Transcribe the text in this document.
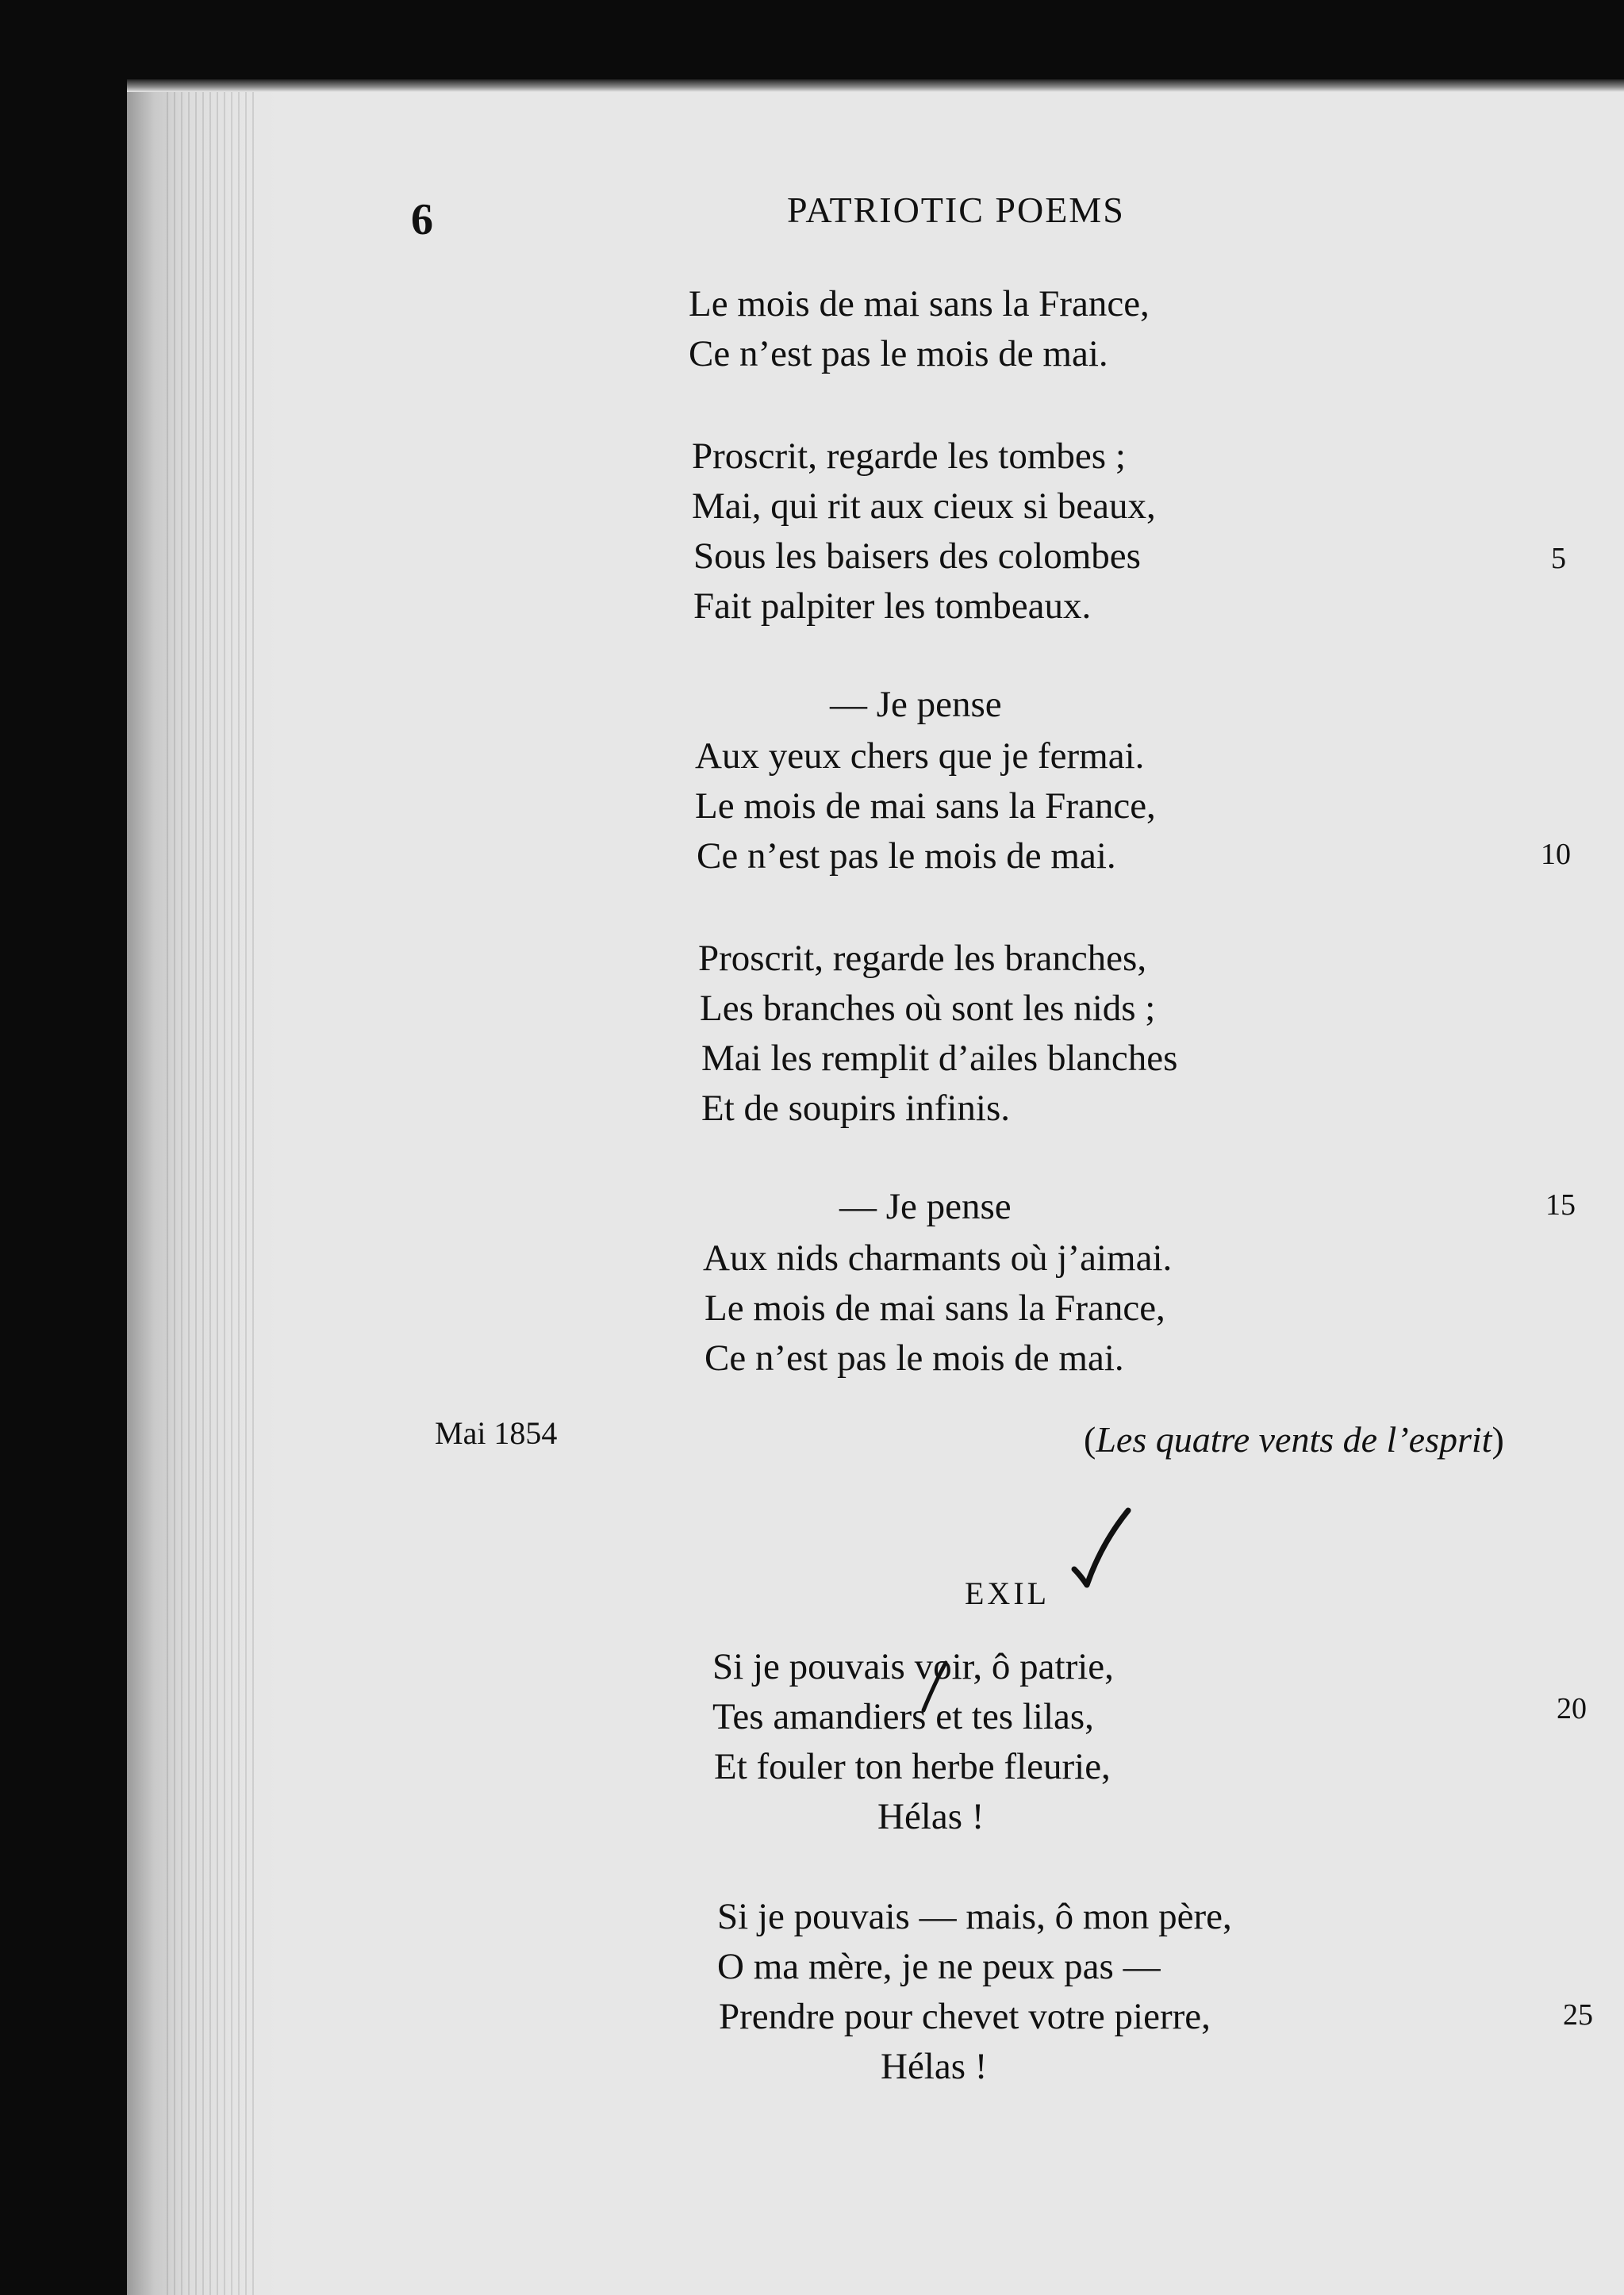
6	PATRIOTIC POEMS
Le mois de mai sans la France,
Ce n’est pas le mois de mai.
Proscrit, regarde les tombes ;
Mai, qui rit aux cieux si beaux,
Sous les baisers des colombes
Fait palpiter les tombeaux.
— Je pense
Aux yeux chers que je fermai.
Le mois de mai sans la France,
Ce n’est pas le mois de mai.
Proscrit, regarde les branches,
Les branches où sont les nids ;
Mai les remplit d’ailes blanches
Et de soupirs infinis.
— Je pense
Aux nids charmants où j’aimai.
Le mois de mai sans la France,
Ce n’est pas le mois de mai.
Mai 1854	(Les quatre vents de l’esprit)
EXIL
Si je pouvais voir, ô patrie,
Tes amandiers et tes lilas,
Et fouler ton herbe fleurie,
Hélas !
Si je pouvais — mais, ô mon père,
O ma mère, je ne peux pas —
Prendre pour chevet votre pierre,
Hélas !
5
10
15
20
25
